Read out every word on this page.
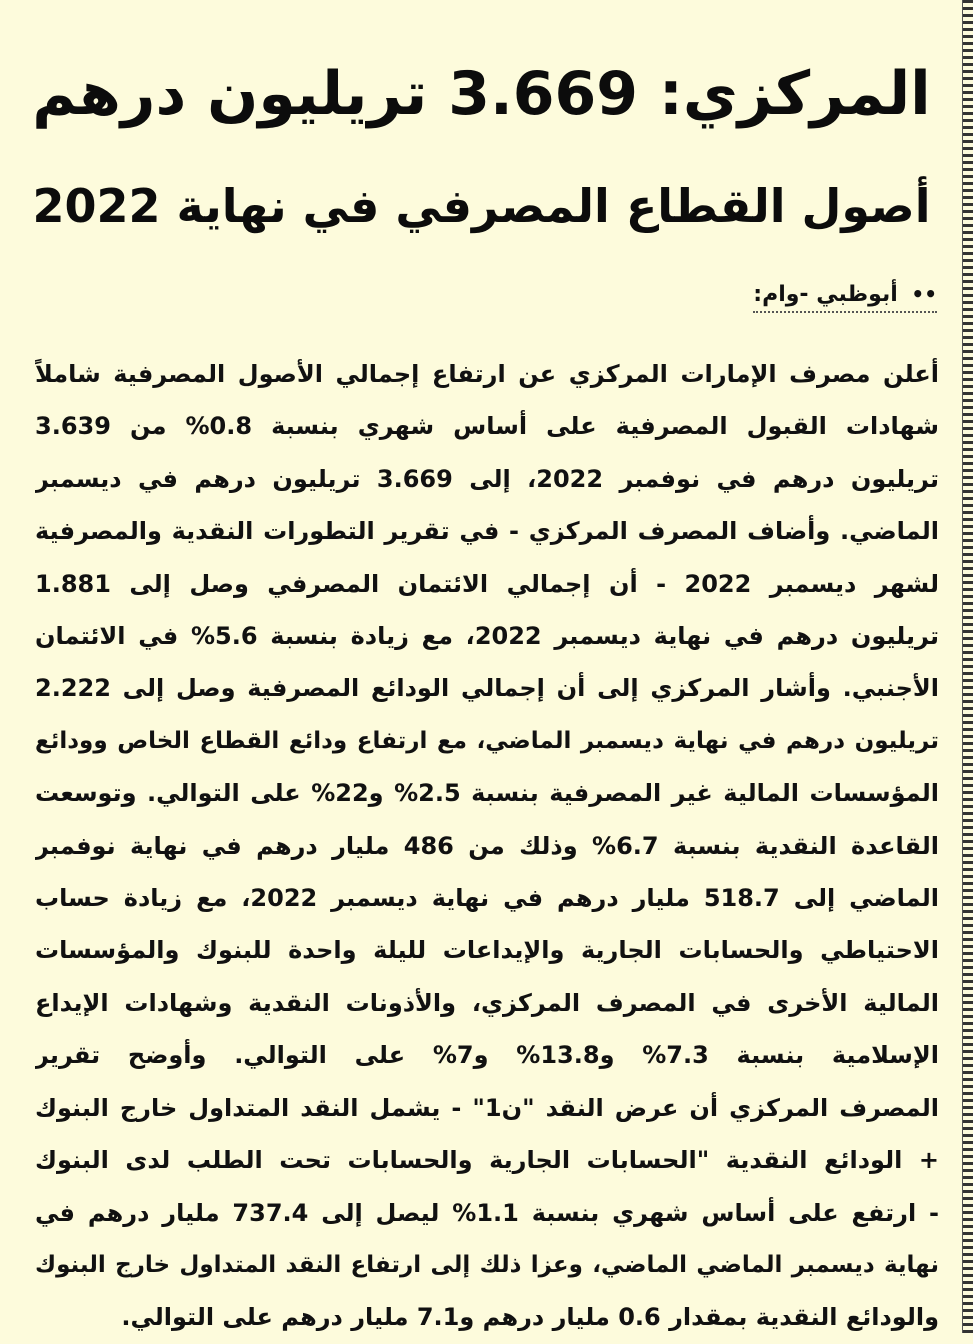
المركزي: 3.669 تريليون درهم
أصول القطاع المصرفي في نهاية 2022
•• أبوظبي -وام:
أعلن مصرف الإمارات المركزي عن ارتفاع إجمالي الأصول المصرفية شاملاً
شهادات القبول المصرفية على أساس شهري بنسبة 0.8% من 3.639
تريليون درهم في نوفمبر 2022، إلى 3.669 تريليون درهم في ديسمبر
الماضي. وأضاف المصرف المركزي - في تقرير التطورات النقدية والمصرفية
لشهر ديسمبر 2022 - أن إجمالي الائتمان المصرفي وصل إلى 1.881
تريليون درهم في نهاية ديسمبر 2022، مع زيادة بنسبة 5.6% في الائتمان
الأجنبي. وأشار المركزي إلى أن إجمالي الودائع المصرفية وصل إلى 2.222
تريليون درهم في نهاية ديسمبر الماضي، مع ارتفاع ودائع القطاع الخاص وودائع
المؤسسات المالية غير المصرفية بنسبة 2.5% و22% على التوالي. وتوسعت
القاعدة النقدية بنسبة 6.7% وذلك من 486 مليار درهم في نهاية نوفمبر
الماضي إلى 518.7 مليار درهم في نهاية ديسمبر 2022، مع زيادة حساب
الاحتياطي والحسابات الجارية والإيداعات لليلة واحدة للبنوك والمؤسسات
المالية الأخرى في المصرف المركزي، والأذونات النقدية وشهادات الإيداع
الإسلامية بنسبة 7.3% و13.8% و7% على التوالي. وأوضح تقرير
المصرف المركزي أن عرض النقد "ن1" - يشمل النقد المتداول خارج البنوك
+ الودائع النقدية "الحسابات الجارية والحسابات تحت الطلب لدى البنوك
- ارتفع على أساس شهري بنسبة 1.1% ليصل إلى 737.4 مليار درهم في
نهاية ديسمبر الماضي الماضي، وعزا ذلك إلى ارتفاع النقد المتداول خارج البنوك
والودائع النقدية بمقدار 0.6 مليار درهم و7.1 مليار درهم على التوالي.
